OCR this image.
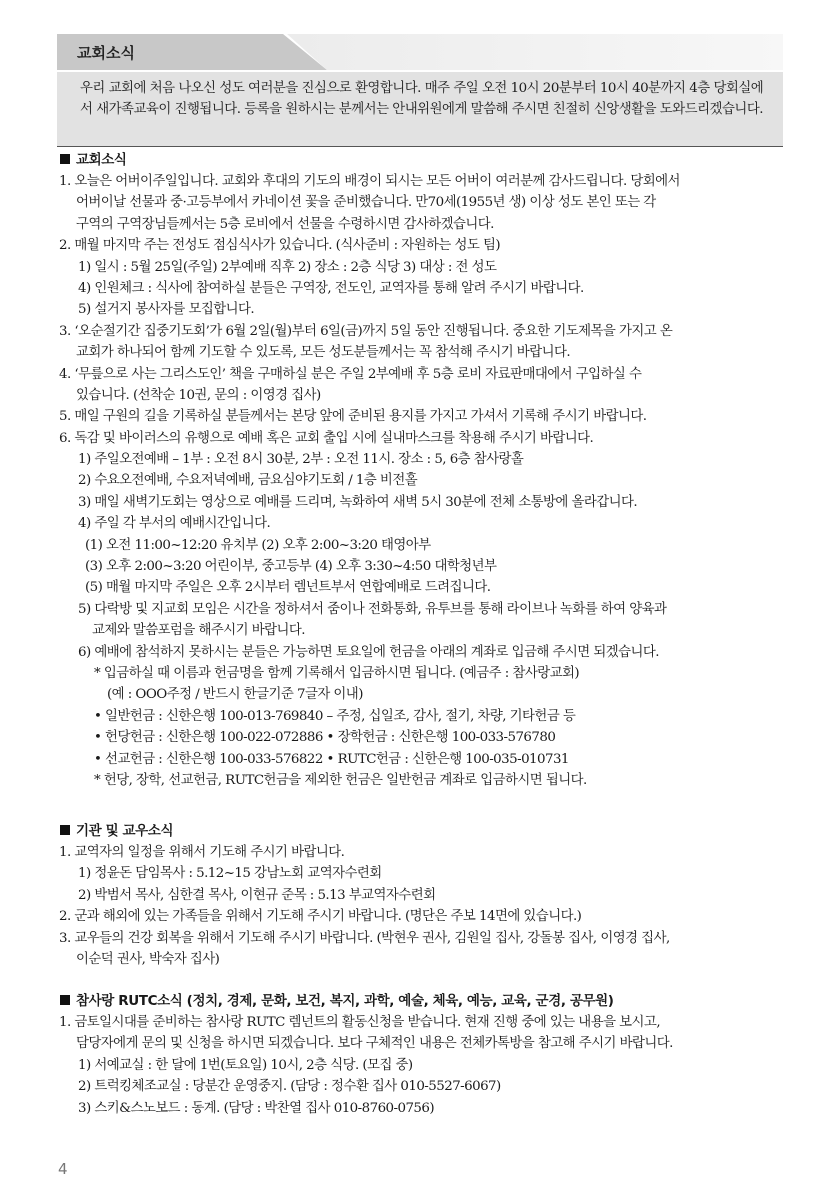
교회소식

우리 교회에 처음 나오신 성도 여러분을 진심으로 환영합니다. 매주 주일 오전 10시 20분부터 10시 40분까지 4층 당회실에서 새가족교육이 진행됩니다. 등록을 원하시는 분께서는 안내위원에게 말씀해 주시면 친절히 신앙생활을 도와드리겠습니다.

교회소식
1. 오늘은 어버이주일입니다. 교회와 후대의 기도의 배경이 되시는 모든 어버이 여러분께 감사드립니다. 당회에서
어버이날 선물과 중·고등부에서 카네이션 꽃을 준비했습니다. 만70세(1955년 생) 이상 성도 본인 또는 각
구역의 구역장님들께서는 5층 로비에서 선물을 수령하시면 감사하겠습니다.
2. 매월 마지막 주는 전성도 점심식사가 있습니다. (식사준비 : 자원하는 성도 팀)
1) 일시 : 5월 25일(주일) 2부예배 직후 2) 장소 : 2층 식당 3) 대상 : 전 성도
4) 인원체크 : 식사에 참여하실 분들은 구역장, 전도인, 교역자를 통해 알려 주시기 바랍니다.
5) 설거지 봉사자를 모집합니다.
3. ‘오순절기간 집중기도회’가 6월 2일(월)부터 6일(금)까지 5일 동안 진행됩니다. 중요한 기도제목을 가지고 온
교회가 하나되어 함께 기도할 수 있도록, 모든 성도분들께서는 꼭 참석해 주시기 바랍니다.
4. ‘무릎으로 사는 그리스도인’ 책을 구매하실 분은 주일 2부예배 후 5층 로비 자료판매대에서 구입하실 수
있습니다. (선착순 10권, 문의 : 이영경 집사)
5. 매일 구원의 길을 기록하실 분들께서는 본당 앞에 준비된 용지를 가지고 가셔서 기록해 주시기 바랍니다.
6. 독감 및 바이러스의 유행으로 예배 혹은 교회 출입 시에 실내마스크를 착용해 주시기 바랍니다.
1) 주일오전예배 – 1부 : 오전 8시 30분, 2부 : 오전 11시. 장소 : 5, 6층 참사랑홀
2) 수요오전예배, 수요저녁예배, 금요심야기도회 / 1층 비전홀
3) 매일 새벽기도회는 영상으로 예배를 드리며, 녹화하여 새벽 5시 30분에 전체 소통방에 올라갑니다.
4) 주일 각 부서의 예배시간입니다.
(1) 오전 11:00~12:20 유치부 (2) 오후 2:00~3:20 태영아부
(3) 오후 2:00~3:20 어린이부, 중고등부 (4) 오후 3:30~4:50 대학청년부
(5) 매월 마지막 주일은 오후 2시부터 렘넌트부서 연합예배로 드려집니다.
5) 다락방 및 지교회 모임은 시간을 정하셔서 줌이나 전화통화, 유투브를 통해 라이브나 녹화를 하여 양육과
교제와 말씀포럼을 해주시기 바랍니다.
6) 예배에 참석하지 못하시는 분들은 가능하면 토요일에 헌금을 아래의 계좌로 입금해 주시면 되겠습니다.
* 입금하실 때 이름과 헌금명을 함께 기록해서 입금하시면 됩니다. (예금주 : 참사랑교회)
(예 : OOO주정 / 반드시 한글기준 7글자 이내)
• 일반헌금 : 신한은행 100-013-769840 – 주정, 십일조, 감사, 절기, 차량, 기타헌금 등
• 헌당헌금 : 신한은행 100-022-072886 • 장학헌금 : 신한은행 100-033-576780
• 선교헌금 : 신한은행 100-033-576822 • RUTC헌금 : 신한은행 100-035-010731
* 헌당, 장학, 선교헌금, RUTC헌금을 제외한 헌금은 일반헌금 계좌로 입금하시면 됩니다.
기관 및 교우소식
1. 교역자의 일정을 위해서 기도해 주시기 바랍니다.
1) 정윤돈 담임목사 : 5.12~15 강남노회 교역자수련회
2) 박범서 목사, 심한결 목사, 이현규 준목 : 5.13 부교역자수련회
2. 군과 해외에 있는 가족들을 위해서 기도해 주시기 바랍니다. (명단은 주보 14면에 있습니다.)
3. 교우들의 건강 회복을 위해서 기도해 주시기 바랍니다. (박현우 권사, 김원일 집사, 강돌봉 집사, 이영경 집사,
이순덕 권사, 박숙자 집사)
참사랑 RUTC소식 (정치, 경제, 문화, 보건, 복지, 과학, 예술, 체육, 예능, 교육, 군경, 공무원)
1. 금토일시대를 준비하는 참사랑 RUTC 렘넌트의 활동신청을 받습니다. 현재 진행 중에 있는 내용을 보시고,
담당자에게 문의 및 신청을 하시면 되겠습니다. 보다 구체적인 내용은 전체카톡방을 참고해 주시기 바랍니다.
1) 서예교실 : 한 달에 1번(토요일) 10시, 2층 식당. (모집 중)
2) 트럭킹체조교실 : 당분간 운영중지. (담당 : 정수환 집사 010-5527-6067)
3) 스키&스노보드 : 동계. (담당 : 박찬열 집사 010-8760-0756)
4
